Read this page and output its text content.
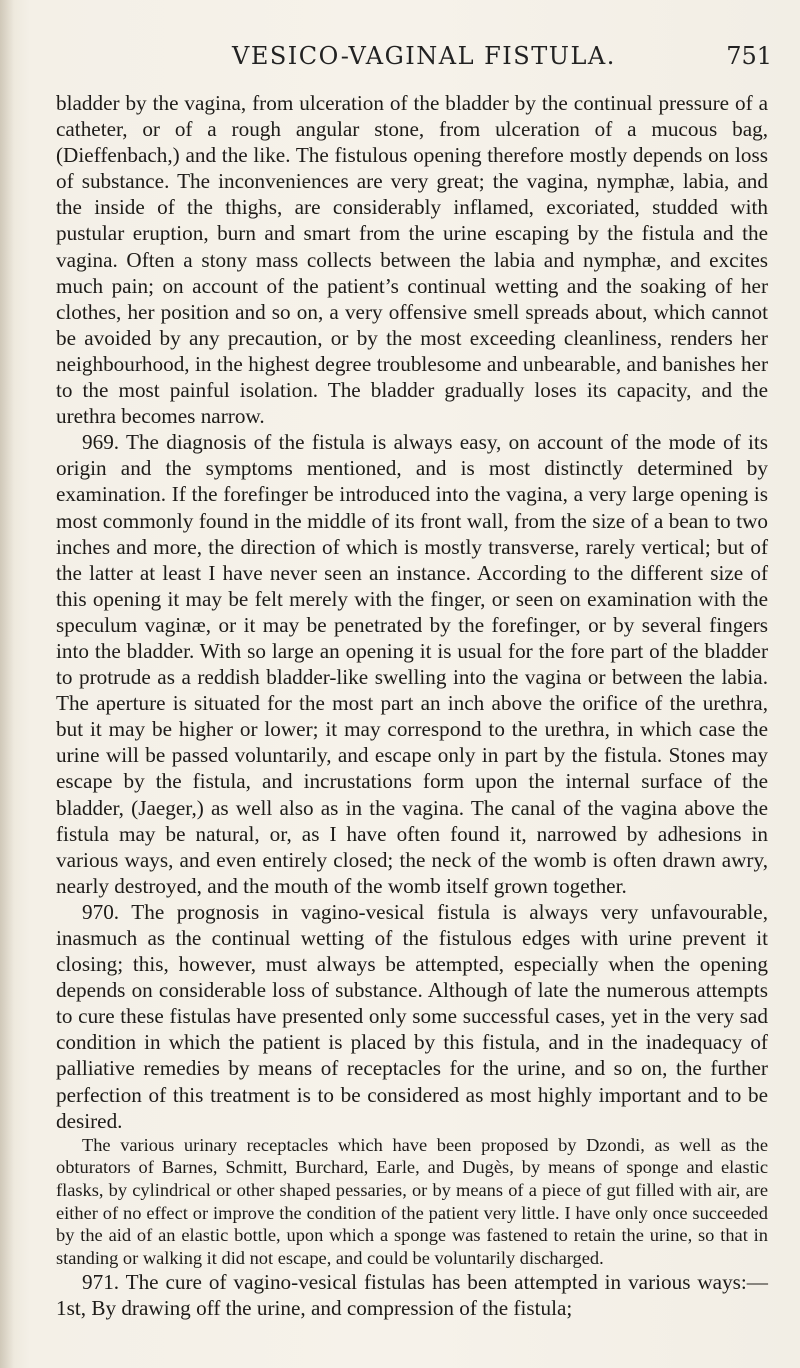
VESICO-VAGINAL FISTULA.	751

bladder by the vagina, from ulceration of the bladder by the continual pressure of a catheter, or of a rough angular stone, from ulceration of a mucous bag, (Dieffenbach,) and the like. The fistulous opening therefore mostly depends on loss of substance. The inconveniences are very great; the vagina, nymphæ, labia, and the inside of the thighs, are considerably inflamed, excoriated, studded with pustular eruption, burn and smart from the urine escaping by the fistula and the vagina. Often a stony mass collects between the labia and nymphæ, and excites much pain; on account of the patient’s continual wetting and the soaking of her clothes, her position and so on, a very offensive smell spreads about, which cannot be avoided by any precaution, or by the most exceeding cleanliness, renders her neighbourhood, in the highest degree troublesome and unbearable, and banishes her to the most painful isolation. The bladder gradually loses its capacity, and the urethra becomes narrow.

969. The diagnosis of the fistula is always easy, on account of the mode of its origin and the symptoms mentioned, and is most distinctly determined by examination. If the forefinger be introduced into the vagina, a very large opening is most commonly found in the middle of its front wall, from the size of a bean to two inches and more, the direction of which is mostly transverse, rarely vertical; but of the latter at least I have never seen an instance. According to the different size of this opening it may be felt merely with the finger, or seen on examination with the speculum vaginæ, or it may be penetrated by the forefinger, or by several fingers into the bladder. With so large an opening it is usual for the fore part of the bladder to protrude as a reddish bladder-like swelling into the vagina or between the labia. The aperture is situated for the most part an inch above the orifice of the urethra, but it may be higher or lower; it may correspond to the urethra, in which case the urine will be passed voluntarily, and escape only in part by the fistula. Stones may escape by the fistula, and incrustations form upon the internal surface of the bladder, (Jaeger,) as well also as in the vagina. The canal of the vagina above the fistula may be natural, or, as I have often found it, narrowed by adhesions in various ways, and even entirely closed; the neck of the womb is often drawn awry, nearly destroyed, and the mouth of the womb itself grown together.

970. The prognosis in vagino-vesical fistula is always very unfavourable, inasmuch as the continual wetting of the fistulous edges with urine prevent it closing; this, however, must always be attempted, especially when the opening depends on considerable loss of substance. Although of late the numerous attempts to cure these fistulas have presented only some successful cases, yet in the very sad condition in which the patient is placed by this fistula, and in the inadequacy of palliative remedies by means of receptacles for the urine, and so on, the further perfection of this treatment is to be considered as most highly important and to be desired.

The various urinary receptacles which have been proposed by Dzondi, as well as the obturators of Barnes, Schmitt, Burchard, Earle, and Dugès, by means of sponge and elastic flasks, by cylindrical or other shaped pessaries, or by means of a piece of gut filled with air, are either of no effect or improve the condition of the patient very little. I have only once succeeded by the aid of an elastic bottle, upon which a sponge was fastened to retain the urine, so that in standing or walking it did not escape, and could be voluntarily discharged.

971. The cure of vagino-vesical fistulas has been attempted in various ways:—1st, By drawing off the urine, and compression of the fistula;
